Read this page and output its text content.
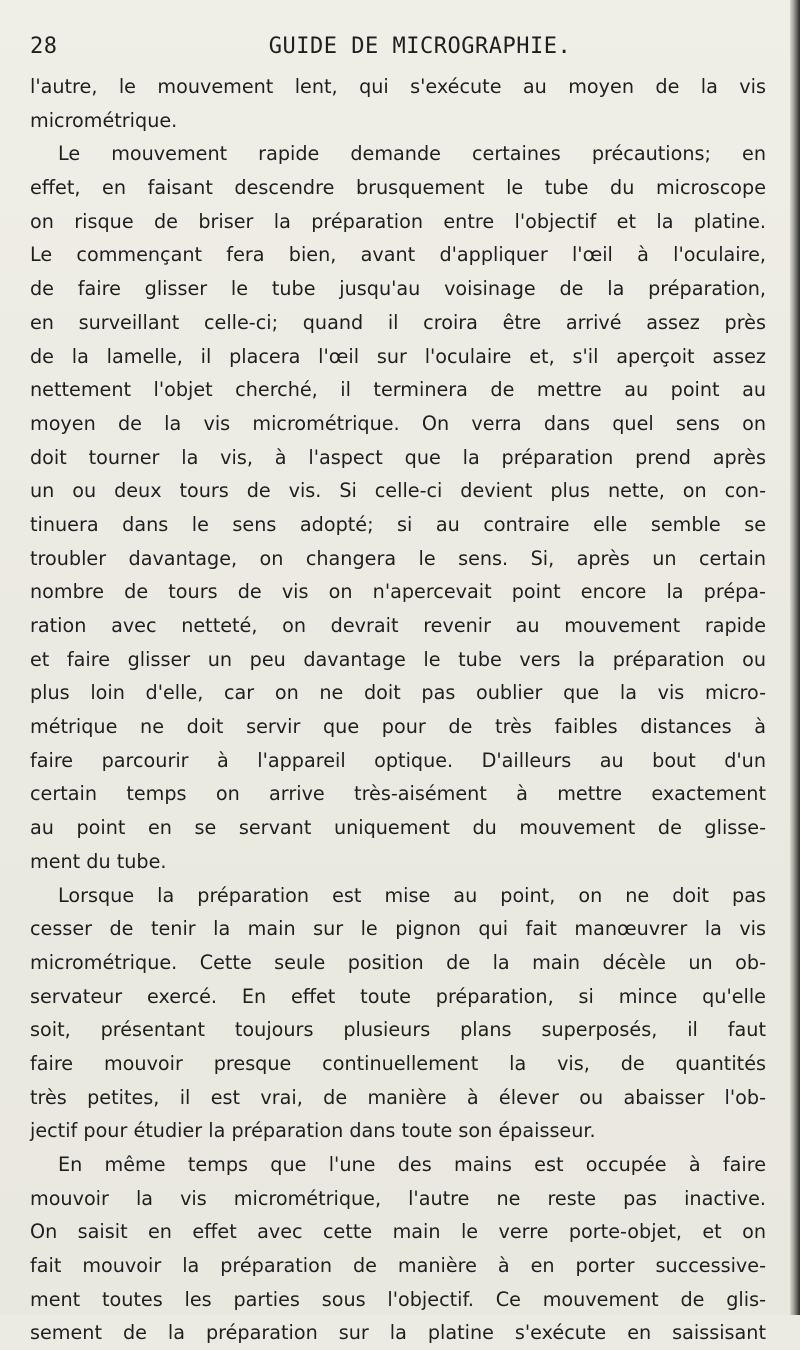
28	GUIDE DE MICROGRAPHIE.
l'autre, le mouvement lent, qui s'exécute au moyen de la vis
micrométrique.
Le mouvement rapide demande certaines précautions; en
effet, en faisant descendre brusquement le tube du microscope
on risque de briser la préparation entre l'objectif et la platine.
Le commençant fera bien, avant d'appliquer l'œil à l'oculaire,
de faire glisser le tube jusqu'au voisinage de la préparation,
en surveillant celle-ci; quand il croira être arrivé assez près
de la lamelle, il placera l'œil sur l'oculaire et, s'il aperçoit assez
nettement l'objet cherché, il terminera de mettre au point au
moyen de la vis micrométrique. On verra dans quel sens on
doit tourner la vis, à l'aspect que la préparation prend après
un ou deux tours de vis. Si celle-ci devient plus nette, on con-
tinuera dans le sens adopté; si au contraire elle semble se
troubler davantage, on changera le sens. Si, après un certain
nombre de tours de vis on n'apercevait point encore la prépa-
ration avec netteté, on devrait revenir au mouvement rapide
et faire glisser un peu davantage le tube vers la préparation ou
plus loin d'elle, car on ne doit pas oublier que la vis micro-
métrique ne doit servir que pour de très faibles distances à
faire parcourir à l'appareil optique. D'ailleurs au bout d'un
certain temps on arrive très-aisément à mettre exactement
au point en se servant uniquement du mouvement de glisse-
ment du tube.
Lorsque la préparation est mise au point, on ne doit pas
cesser de tenir la main sur le pignon qui fait manœuvrer la vis
micrométrique. Cette seule position de la main décèle un ob-
servateur exercé. En effet toute préparation, si mince qu'elle
soit, présentant toujours plusieurs plans superposés, il faut
faire mouvoir presque continuellement la vis, de quantités
très petites, il est vrai, de manière à élever ou abaisser l'ob-
jectif pour étudier la préparation dans toute son épaisseur.
En même temps que l'une des mains est occupée à faire
mouvoir la vis micrométrique, l'autre ne reste pas inactive.
On saisit en effet avec cette main le verre porte-objet, et on
fait mouvoir la préparation de manière à en porter successive-
ment toutes les parties sous l'objectif. Ce mouvement de glis-
sement de la préparation sur la platine s'exécute en saissisant
